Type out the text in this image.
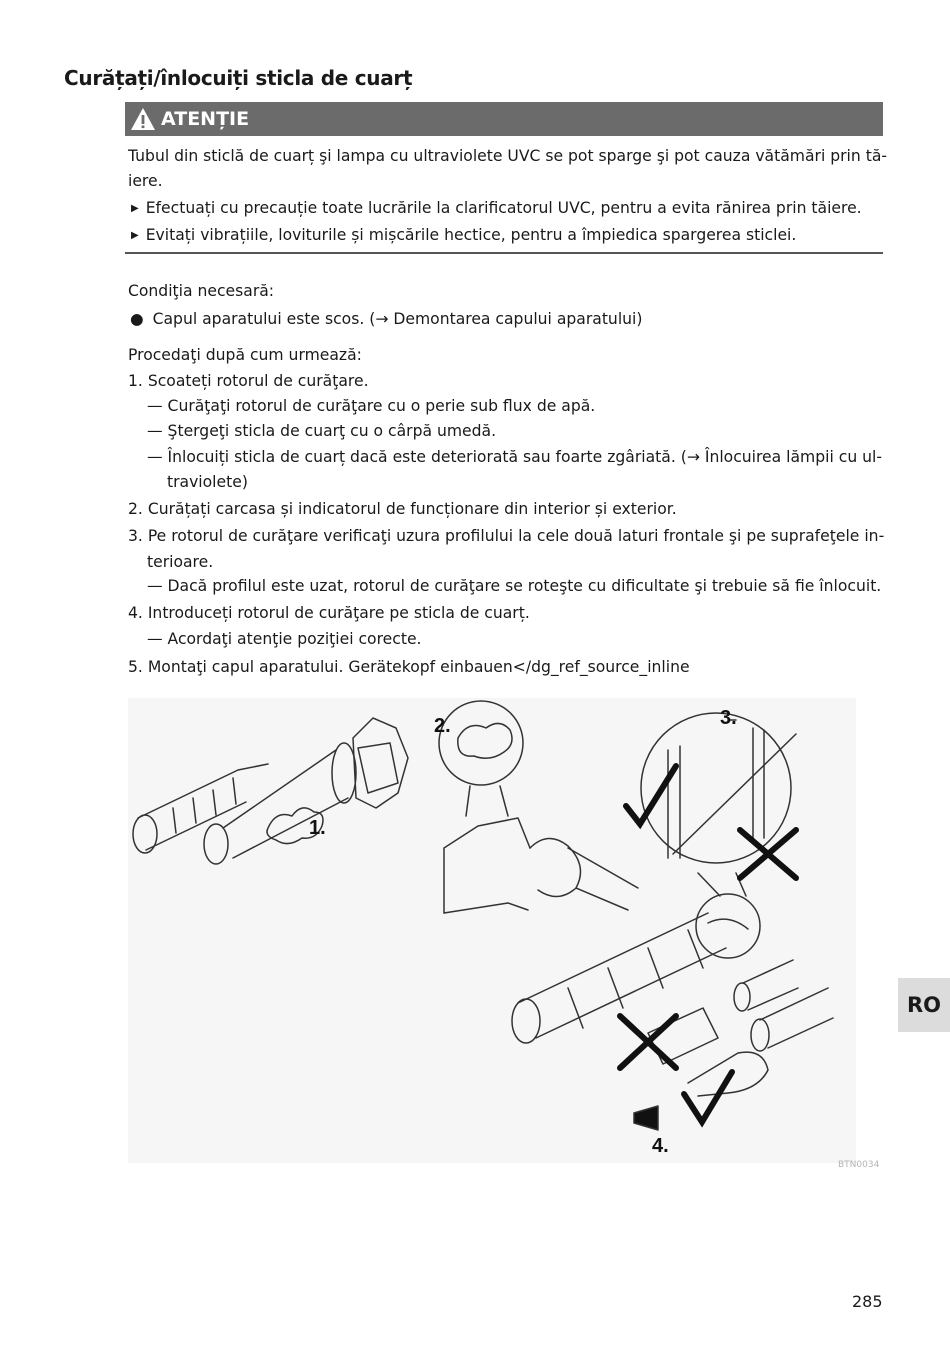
Curățați/înlocuiți sticla de cuarț
ATENȚIE
Tubul din sticlă de cuarț şi lampa cu ultraviolete UVC se pot sparge şi pot cauza vătămări prin tă-
iere.
▶ Efectuați cu precauție toate lucrările la clarificatorul UVC, pentru a evita rănirea prin tăiere.
▶ Evitați vibrațiile, loviturile și mișcările hectice, pentru a împiedica spargerea sticlei.
Condiţia necesară:
● Capul aparatului este scos. (→ Demontarea capului aparatului)
Procedaţi după cum urmează:
1. Scoateți rotorul de curăţare.
— Curăţaţi rotorul de curăţare cu o perie sub flux de apă.
— Ştergeţi sticla de cuarţ cu o cârpă umedă.
— Înlocuiți sticla de cuarț dacă este deteriorată sau foarte zgâriată. (→ Înlocuirea lămpii cu ul-
traviolete)
2. Curățați carcasa și indicatorul de funcționare din interior și exterior.
3. Pe rotorul de curăţare verificaţi uzura profilului la cele două laturi frontale şi pe suprafeţele in-
terioare.
— Dacă profilul este uzat, rotorul de curăţare se roteşte cu dificultate şi trebuie să fie înlocuit.
4. Introduceți rotorul de curăţare pe sticla de cuarț.
— Acordaţi atenţie poziţiei corecte.
5. Montaţi capul aparatului. Gerätekopf einbauen</dg_ref_source_inline
1.
2.	3.
4.
BTN0034
RO
285
